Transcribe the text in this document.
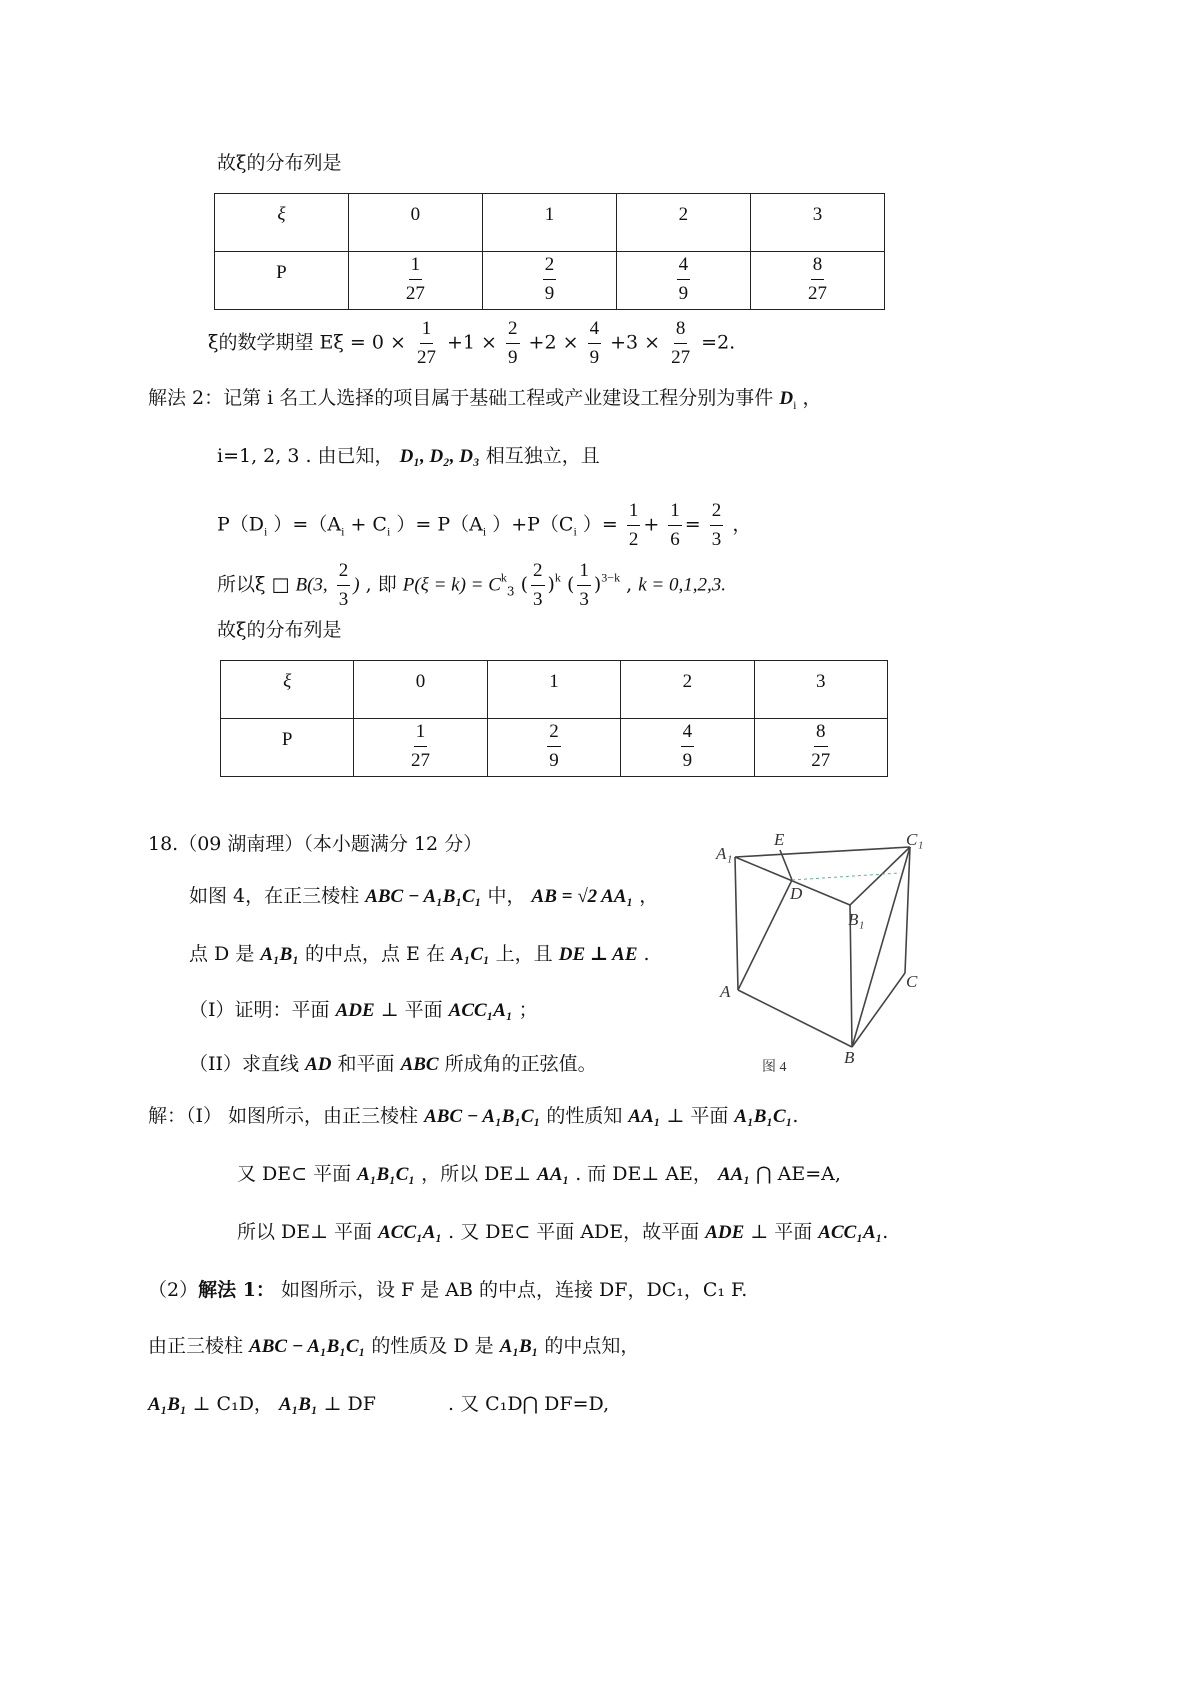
故ξ的分布列是
ξ	0	1	2	3

P	$\frac{1}{27}$	$\frac{2}{9}$	$\frac{4}{9}$	$\frac{8}{27}$
ξ的数学期望 $E\xi = 0 \times \frac{1}{27} +1 \times \frac{2}{9} +2 \times \frac{4}{9} +3 \times \frac{8}{27} =2$.
解法 2：记第 i 名工人选择的项目属于基础工程或产业建设工程分别为事件 $D_i$ ，
i=1, 2, 3 . 由已知， D₁, D₂, D₃ 相互独立，且
$P(D_i$ ）$=(A_i + C_i$ ）= $P(A_i$ ）$+P(C_i$ ）= $\frac{1}{2} + \frac{1}{6} = \frac{2}{3}$ ，
所以ξ □ B(3, $\frac{2}{3}$ ) , 即 $P(\xi = k) = C^k_3$ ( $\frac{2}{3} )^k$ ( $\frac{1}{3} )^{3-k}$ , k = 0,1,2,3.
故ξ的分布列是
ξ	0	1	2	3

P	$\frac{1}{27}$	$\frac{2}{9}$	$\frac{4}{9}$	$\frac{8}{27}$
18.（09 湖南理）（本小题满分 12 分）
如图 4，在正三棱柱 ABC − A₁B₁C₁ 中， AB = √2 AA₁ ，
点 D 是 A₁B₁ 的中点，点 E 在 A₁C₁ 上，且 DE ⊥ AE .
（I）证明：平面 ADE ⊥ 平面 ACC₁A₁ ；
（II）求直线 AD 和平面 ABC 所成角的正弦值。
A₁
E	C₁
D
B₁
A
C
B
图 4
解：（I） 如图所示，由正三棱柱 ABC − A₁B₁C₁ 的性质知 AA₁ ⊥ 平面 A₁B₁C₁.
又 DE⊂ 平面 A₁B₁C₁ ，所以 DE⊥ AA₁ . 而 DE⊥ AE， AA₁ ⋂ AE=A,
所以 DE⊥ 平面 ACC₁A₁ . 又 DE⊂ 平面 ADE，故平面 ADE ⊥ 平面 ACC₁A₁.
（2）解法 1： 如图所示，设 F 是 AB 的中点，连接 DF，DC₁，C₁ F.
由正三棱柱 ABC − A₁B₁C₁ 的性质及 D 是 A₁B₁ 的中点知，
A₁B₁ ⊥ C₁D， A₁B₁ ⊥ DF	. 又 C₁D⋂ DF=D,
